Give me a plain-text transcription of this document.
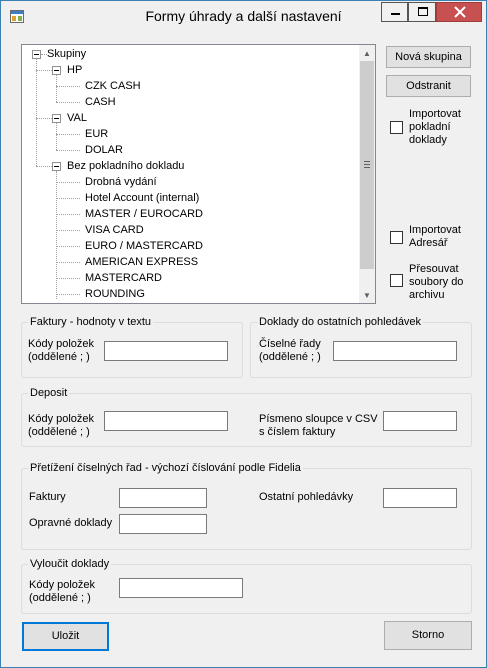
Formy úhrady a další nastavení
Skupiny
HP
CZK CASH
CASH
VAL
EUR
DOLAR
Bez pokladního dokladu
Drobná vydání
Hotel Account (internal)
MASTER / EUROCARD
VISA CARD
EURO / MASTERCARD
AMERICAN EXPRESS
MASTERCARD
ROUNDING
▲
▼
Nová skupina
Odstranit
Importovat
pokladní
doklady
Importovat
Adresář
Přesouvat
soubory do
archivu
Faktury - hodnoty v textu
Kódy položek
(oddělené ; )
Doklady do ostatních pohledávek
Číselné řady
(oddělené ; )
Deposit
Kódy položek
(oddělené ; )
Písmeno sloupce v CSV
s číslem faktury
Přetížení číselných řad - výchozí číslování podle Fidelia
Faktury
Opravné doklady
Ostatní pohledávky
Vyloučit doklady
Kódy položek
(oddělené ; )
Uložit	Storno
